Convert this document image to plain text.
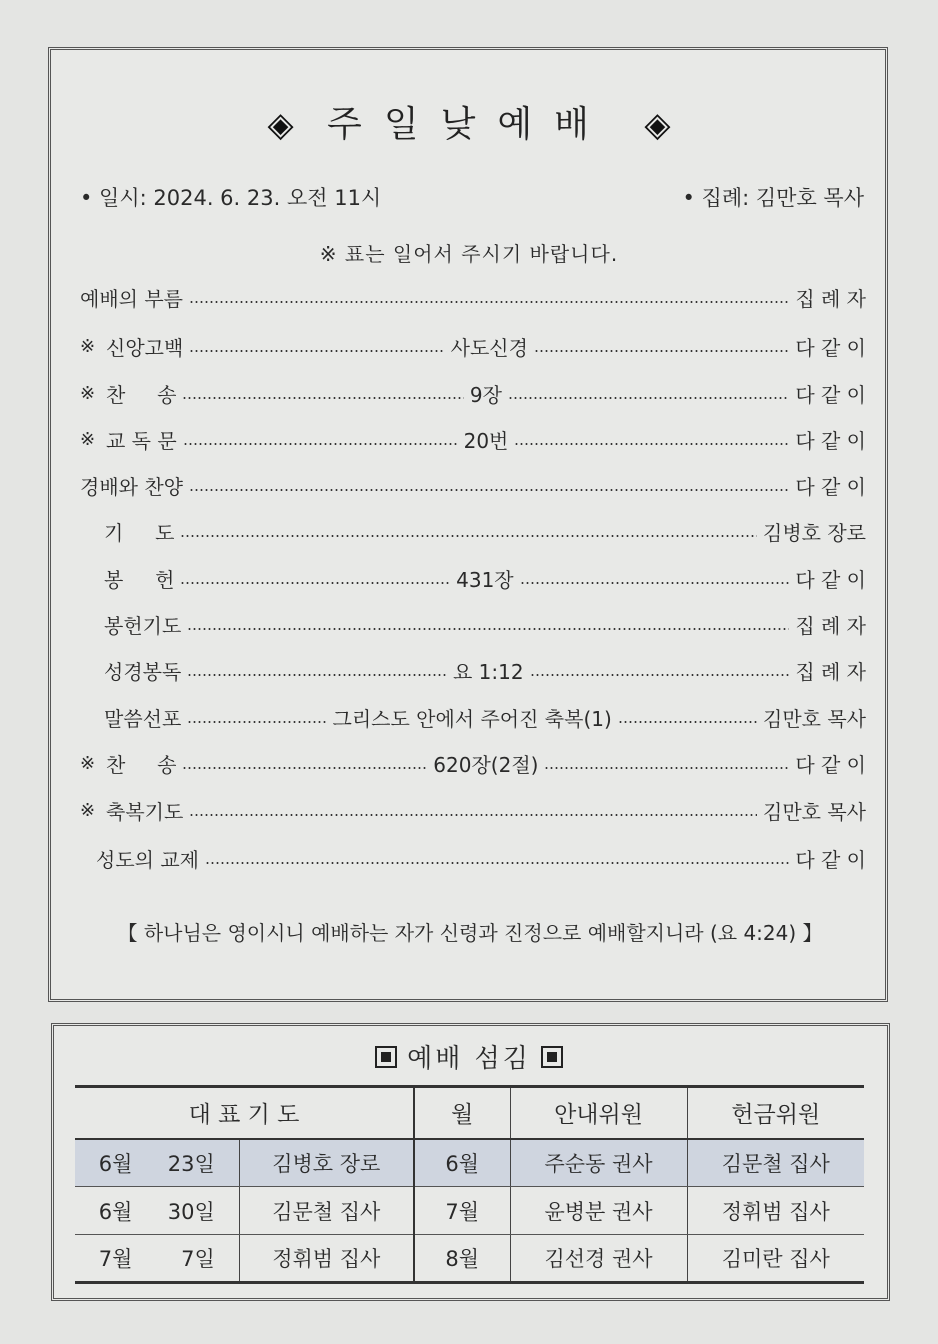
◈ 주일낮예배 ◈
• 일시: 2024. 6. 23. 오전 11시	• 집례: 김만호 목사
※ 표는 일어서 주시기 바랍니다.
예배의 부름	집 례 자
※ 신앙고백	사도신경	다 같 이
※ 찬     송	9장	다 같 이
※ 교 독 문	20번	다 같 이
경배와 찬양	다 같 이
기     도	김병호 장로
봉     헌	431장	다 같 이
봉헌기도	집 례 자
성경봉독	요 1:12	집 례 자
말씀선포	그리스도 안에서 주어진 축복(1)	김만호 목사
※ 찬     송	620장(2절)	다 같 이
※ 축복기도	김만호 목사
성도의 교제	다 같 이
【 하나님은 영이시니 예배하는 자가 신령과 진정으로 예배할지니라 (요 4:24) 】
예배 섬김
대 표 기 도		월	안내위원	헌금위원
6월 23일	김병호 장로	6월	주순동 권사	김문철 집사
6월 30일	김문철 집사	7월	윤병분 권사	정휘범 집사
7월 7일	정휘범 집사	8월	김선경 권사	김미란 집사
